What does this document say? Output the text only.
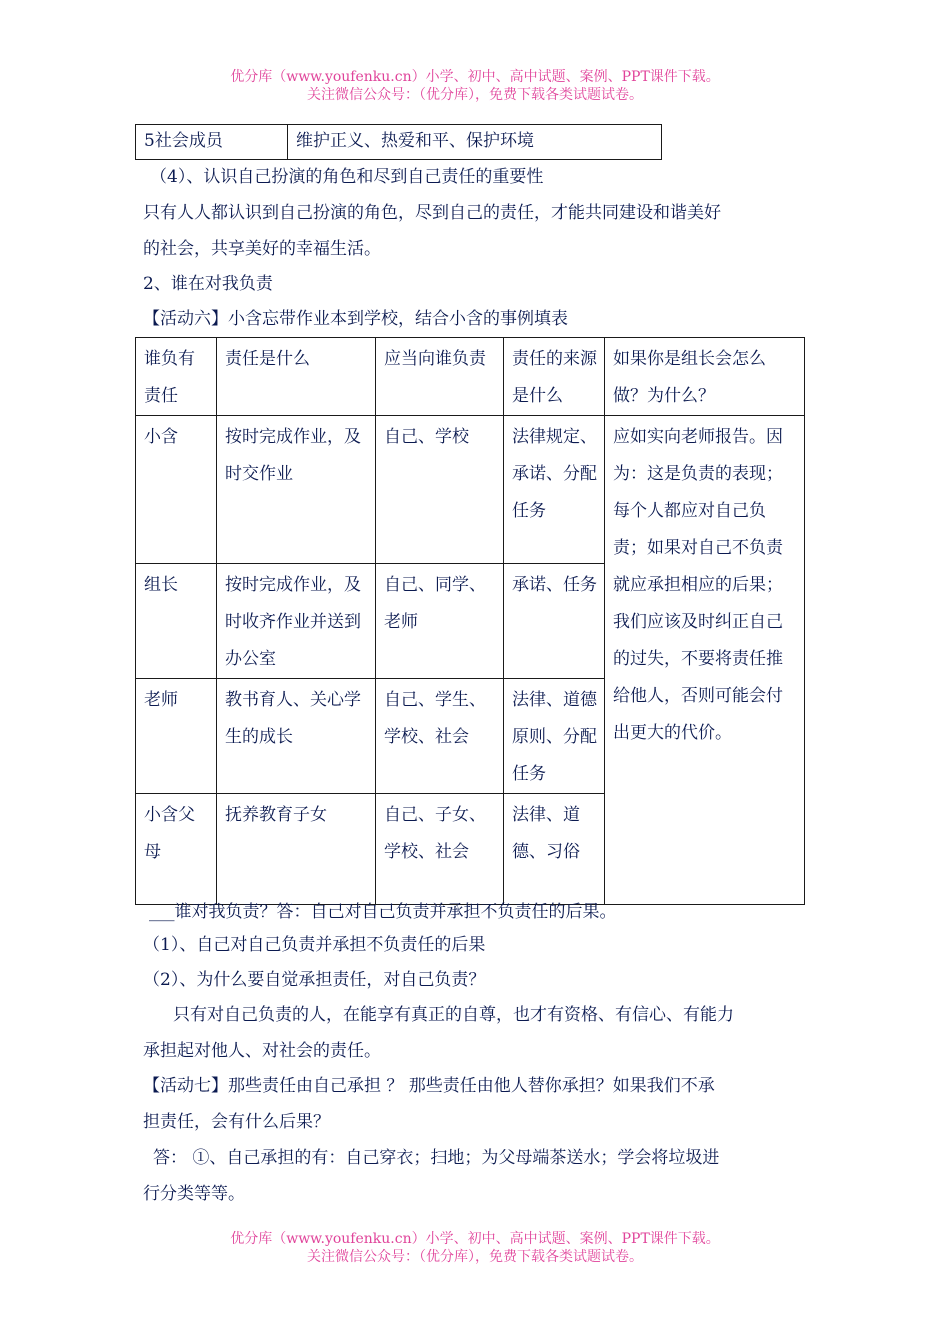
优分库（www.youfenku.cn）小学、初中、高中试题、案例、PPT课件下载。
关注微信公众号：（优分库），免费下载各类试题试卷。
5社会成员	维护正义、热爱和平、保护环境
（4）、认识自己扮演的角色和尽到自己责任的重要性
只有人人都认识到自己扮演的角色，尽到自己的责任，才能共同建设和谐美好
的社会，共享美好的幸福生活。
2、谁在对我负责
【活动六】小含忘带作业本到学校，结合小含的事例填表
谁负有责任	责任是什么	应当向谁负责	责任的来源是什么	如果你是组长会怎么做？为什么？
小含	按时完成作业，及时交作业	自己、学校	法律规定、承诺、分配任务	应如实向老师报告。因为：这是负责的表现；每个人都应对自己负责；如果对自己不负责就应承担相应的后果；我们应该及时纠正自己的过失，不要将责任推给他人，否则可能会付出更大的代价。
组长	按时完成作业，及时收齐作业并送到办公室	自己、同学、老师	承诺、任务	
老师	教书育人、关心学生的成长	自己、学生、学校、社会	法律、道德原则、分配任务	
小含父母	抚养教育子女	自己、子女、学校、社会	法律、道德、习俗	
___谁对我负责？答：自己对自己负责并承担不负责任的后果。
（1）、自己对自己负责并承担不负责任的后果
（2）、为什么要自觉承担责任，对自己负责？
只有对自己负责的人，在能享有真正的自尊，也才有资格、有信心、有能力
承担起对他人、对社会的责任。
【活动七】那些责任由自己承担 ？ 那些责任由他人替你承担？如果我们不承
担责任，会有什么后果？
答： ①、自己承担的有：自己穿衣；扫地；为父母端茶送水；学会将垃圾进
行分类等等。
优分库（www.youfenku.cn）小学、初中、高中试题、案例、PPT课件下载。
关注微信公众号：（优分库），免费下载各类试题试卷。
